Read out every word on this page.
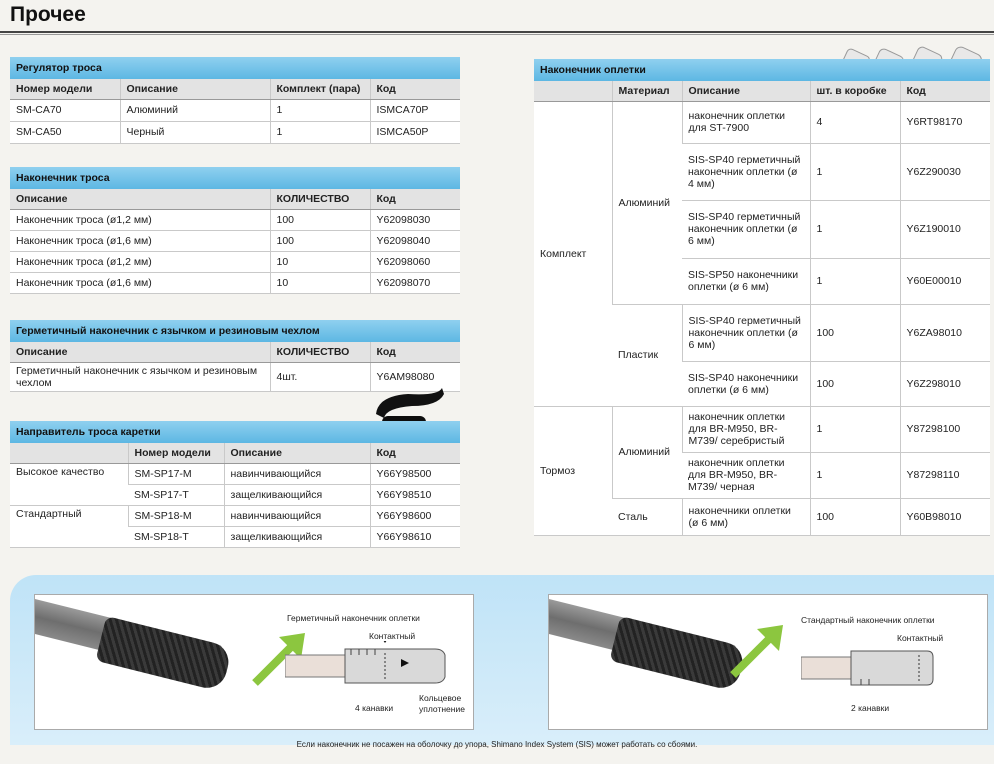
Прочее
Регулятор троса			
Номер модели	Описание	Комплект (пара)	Код
SM-CA70	Алюминий	1	ISMCA70P
SM-CA50	Черный	1	ISMCA50P
Наконечник троса		
Описание	КОЛИЧЕСТВО	Код
Наконечник троса (ø1,2 мм)	100	Y62098030
Наконечник троса (ø1,6 мм)	100	Y62098040
Наконечник троса (ø1,2 мм)	10	Y62098060
Наконечник троса (ø1,6 мм)	10	Y62098070
Герметичный наконечник с язычком и резиновым чехлом		
Описание	КОЛИЧЕСТВО	Код
Герметичный наконечник с язычком и резиновым чехлом	4шт.	Y6AM98080
Направитель троса каретки			
	Номер модели	Описание	Код
Высокое качество	SM-SP17-M	навинчивающийся	Y66Y98500
	SM-SP17-T	защелкивающийся	Y66Y98510
Стандартный	SM-SP18-M	навинчивающийся	Y66Y98600
	SM-SP18-T	защелкивающийся	Y66Y98610
Наконечник оплетки				
	Материал	Описание	шт. в коробке	Код
Комплект	Алюминий	наконечник оплетки для ST-7900	4	Y6RT98170
		SIS-SP40 герметичный наконечник оплетки (ø 4 мм)	1	Y6Z290030
		SIS-SP40 герметичный наконечник оплетки (ø 6 мм)	1	Y6Z190010
		SIS-SP50 наконечники оплетки (ø 6 мм)	1	Y60E00010
	Пластик	SIS-SP40 герметичный наконечник оплетки (ø 6 мм)	100	Y6ZA98010
		SIS-SP40 наконечники оплетки (ø 6 мм)	100	Y6Z298010
Тормоз	Алюминий	наконечник оплетки для BR-M950, BR-M739/ серебристый	1	Y87298100
		наконечник оплетки для BR-M950, BR-M739/ черная	1	Y87298110
	Сталь	наконечники оплетки (ø 6 мм)	100	Y60B98010
Герметичный наконечник оплетки
Контактный
4 канавки
Кольцевое уплотнение
Стандартный наконечник оплетки
Контактный
2 канавки
Если наконечник не посажен на оболочку до упора, Shimano Index System (SIS) может работать со сбоями.
